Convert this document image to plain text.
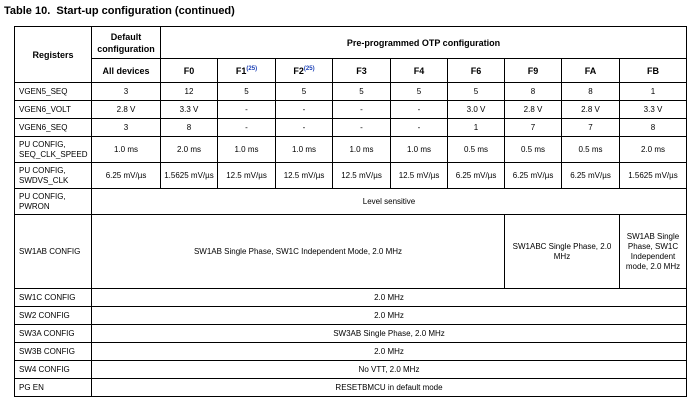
Table 10. Start-up configuration (continued)
Registers	Default configuration	Pre-programmed OTP configuration								
	All devices	F0	F1$^{(25)}$	F2$^{(25)}$	F3	F4	F6	F9	FA	FB
VGEN5_SEQ	3	12	5	5	5	5	5	8	8	1
VGEN6_VOLT	2.8 V	3.3 V	-	-	-	-	3.0 V	2.8 V	2.8 V	3.3 V
VGEN6_SEQ	3	8	-	-	-	-	1	7	7	8
PU CONFIG, SEQ_CLK_SPEED	1.0 ms	2.0 ms	1.0 ms	1.0 ms	1.0 ms	1.0 ms	0.5 ms	0.5 ms	0.5 ms	2.0 ms
PU CONFIG, SWDVS_CLK	6.25 mV/µs	1.5625 mV/µs	12.5 mV/µs	12.5 mV/µs	12.5 mV/µs	12.5 mV/µs	6.25 mV/µs	6.25 mV/µs	6.25 mV/µs	1.5625 mV/µs
PU CONFIG, PWRON	Level sensitive									
SW1AB CONFIG	SW1AB Single Phase, SW1C Independent Mode, 2.0 MHz							SW1ABC Single Phase, 2.0 MHz		SW1AB Single Phase, SW1C Independent mode, 2.0 MHz
SW1C CONFIG	2.0 MHz									
SW2 CONFIG	2.0 MHz									
SW3A CONFIG	SW3AB Single Phase, 2.0 MHz									
SW3B CONFIG	2.0 MHz									
SW4 CONFIG	No VTT, 2.0 MHz									
PG EN	RESETBMCU in default mode									
